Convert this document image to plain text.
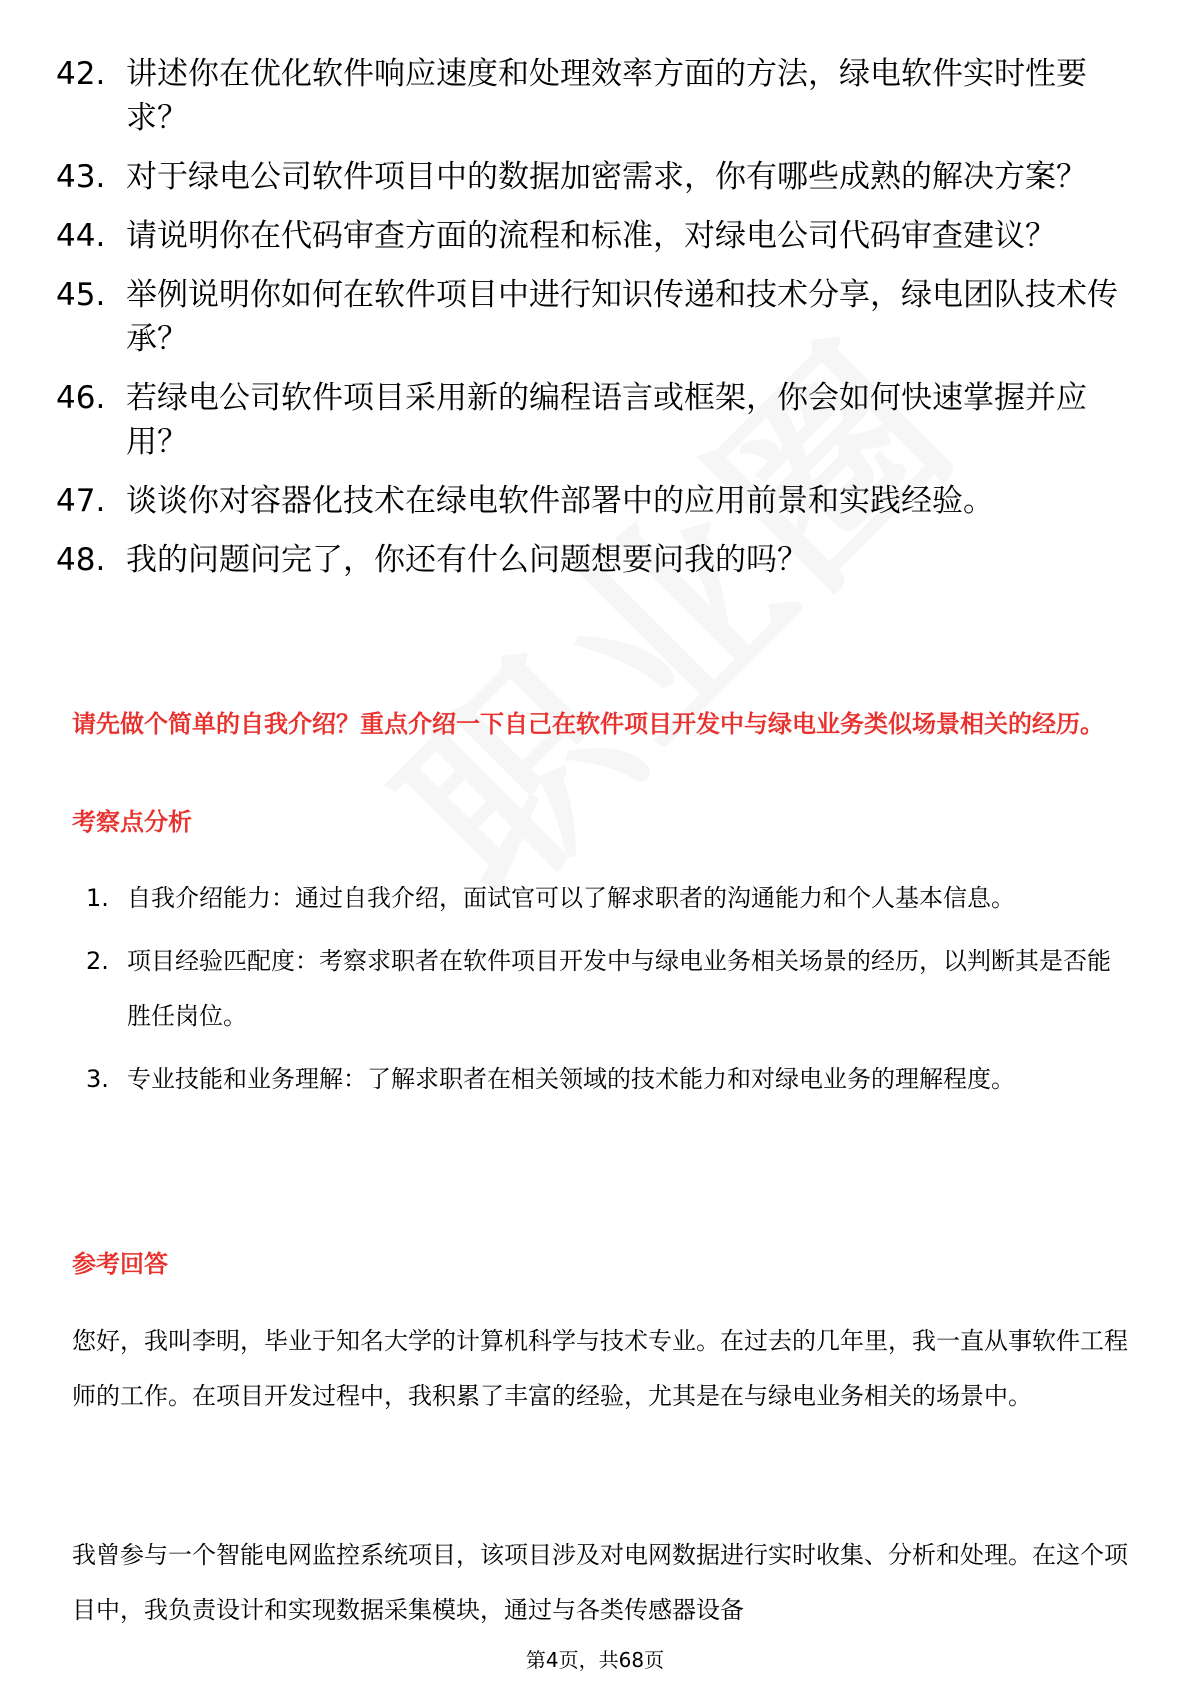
42. 讲述你在优化软件响应速度和处理效率方面的方法，绿电软件实时性要求？
43. 对于绿电公司软件项目中的数据加密需求，你有哪些成熟的解决方案？
44. 请说明你在代码审查方面的流程和标准，对绿电公司代码审查建议？
45. 举例说明你如何在软件项目中进行知识传递和技术分享，绿电团队技术传承？
46. 若绿电公司软件项目采用新的编程语言或框架，你会如何快速掌握并应用？
47. 谈谈你对容器化技术在绿电软件部署中的应用前景和实践经验。
48. 我的问题问完了，你还有什么问题想要问我的吗？

请先做个简单的自我介绍？重点介绍一下自己在软件项目开发中与绿电业务类似场景相关的经历。

考察点分析
1. 自我介绍能力：通过自我介绍，面试官可以了解求职者的沟通能力和个人基本信息。
2. 项目经验匹配度：考察求职者在软件项目开发中与绿电业务相关场景的经历，以判断其是否能胜任岗位。
3. 专业技能和业务理解：了解求职者在相关领域的技术能力和对绿电业务的理解程度。
参考回答

您好，我叫李明，毕业于知名大学的计算机科学与技术专业。在过去的几年里，我一直从事软件工程师的工作。在项目开发过程中，我积累了丰富的经验，尤其是在与绿电业务相关的场景中。

我曾参与一个智能电网监控系统项目，该项目涉及对电网数据进行实时收集、分析和处理。在这个项目中，我负责设计和实现数据采集模块，通过与各类传感器设备

第4页，共68页
